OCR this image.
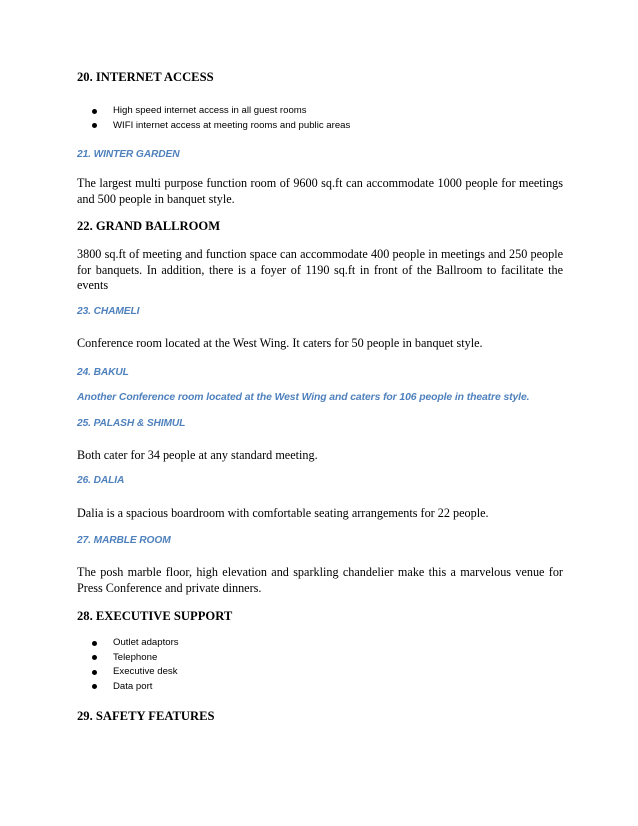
20. INTERNET ACCESS
High speed internet access in all guest rooms
WIFI internet access at meeting rooms and public areas
21. WINTER GARDEN

The largest multi purpose function room of 9600 sq.ft can accommodate 1000 people for meetings and 500 people in banquet style.

22. GRAND BALLROOM

3800 sq.ft of meeting and function space can accommodate 400 people in meetings and 250 people for banquets. In addition, there is a foyer of 1190 sq.ft in front of the Ballroom to facilitate the events

23. CHAMELI

Conference room located at the West Wing. It caters for 50 people in banquet style.

24. BAKUL
Another Conference room located at the West Wing and caters for 106 people in theatre style.
25. PALASH & SHIMUL

Both cater for 34 people at any standard meeting.

26. DALIA

Dalia is a spacious boardroom with comfortable seating arrangements for 22 people.

27. MARBLE ROOM

The posh marble floor, high elevation and sparkling chandelier make this a marvelous venue for Press Conference and private dinners.

28. EXECUTIVE SUPPORT
Outlet adaptors
Telephone
Executive desk
Data port
29. SAFETY FEATURES
